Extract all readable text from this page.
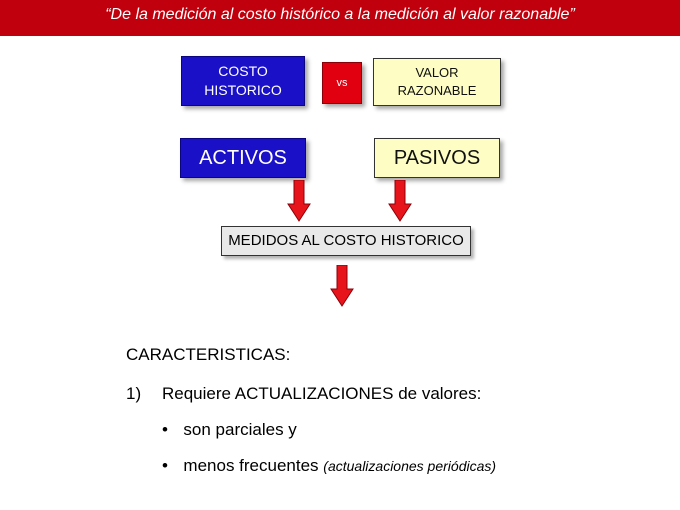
“De la medición al costo histórico a la medición al valor razonable”
COSTO HISTORICO	vs
VALOR RAZONABLE
ACTIVOS	PASIVOS
MEDIDOS AL COSTO HISTORICO
CARACTERISTICAS:
1) Requiere ACTUALIZACIONES de valores:
• son parciales y
• menos frecuentes (actualizaciones periódicas)
